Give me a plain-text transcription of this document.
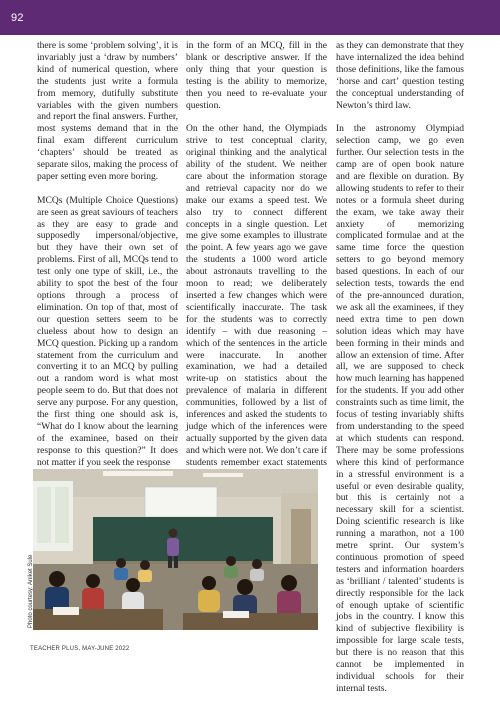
92

there is some ‘problem solving’, it is invariably just a ‘draw by numbers’ kind of numerical question, where the students just write a formula from memory, dutifully substitute variables with the given numbers and report the final answers. Further, most systems demand that in the final exam different curriculum ‘chapters’ should be treated as separate silos, making the process of paper setting even more boring.

MCQs (Multiple Choice Questions) are seen as great saviours of teachers as they are easy to grade and supposedly impersonal/objective, but they have their own set of problems. First of all, MCQs tend to test only one type of skill, i.e., the ability to spot the best of the four options through a process of elimination. On top of that, most of our question setters seem to be clueless about how to design an MCQ question. Picking up a random statement from the curriculum and converting it to an MCQ by pulling out a random word is what most people seem to do. But that does not serve any purpose. For any question, the first thing one should ask is, “What do I know about the learning of the examinee, based on their response to this question?” It does not matter if you seek the response

in the form of an MCQ, fill in the blank or descriptive answer. If the only thing that your question is testing is the ability to memorize, then you need to re-evaluate your question.

On the other hand, the Olympiads strive to test conceptual clarity, original thinking and the analytical ability of the student. We neither care about the information storage and retrieval capacity nor do we make our exams a speed test. We also try to connect different concepts in a single question. Let me give some examples to illustrate the point. A few years ago we gave the students a 1000 word article about astronauts travelling to the moon to read; we deliberately inserted a few changes which were scientifically inaccurate. The task for the students was to correctly identify – with due reasoning – which of the sentences in the article were inaccurate. In another examination, we had a detailed write-up on statistics about the prevalence of malaria in different communities, followed by a list of inferences and asked the students to judge which of the inferences were actually supported by the given data and which were not. We don’t care if students remember exact statements

as they can demonstrate that they have internalized the idea behind those definitions, like the famous ‘horse and cart’ question testing the conceptual understanding of Newton’s third law.

In the astronomy Olympiad selection camp, we go even further. Our selection tests in the camp are of open book nature and are flexible on duration. By allowing students to refer to their notes or a formula sheet during the exam, we take away their anxiety of memorizing complicated formulae and at the same time force the question setters to go beyond memory based questions. In each of our selection tests, towards the end of the pre-announced duration, we ask all the examinees, if they need extra time to pen down solution ideas which may have been forming in their minds and allow an extension of time. After all, we are supposed to check how much learning has happened for the students. If you add other constraints such as time limit, the focus of testing invariably shifts from understanding to the speed at which students can respond. There may be some professions where this kind of performance in a stressful environment is a useful or even desirable quality, but this is certainly not a necessary skill for a scientist. Doing scientific research is like running a marathon, not a 100 metre sprint. Our system’s continuous promotion of speed testers and information hoarders as ‘brilliant / talented’ students is directly responsible for the lack of enough uptake of scientific jobs in the country. I know this kind of subjective flexibility is impossible for large scale tests, but there is no reason that this cannot be implemented in individual schools for their internal tests.

Photo courtesy: Aniket Sule
TEACHER PLUS, MAY-JUNE 2022
